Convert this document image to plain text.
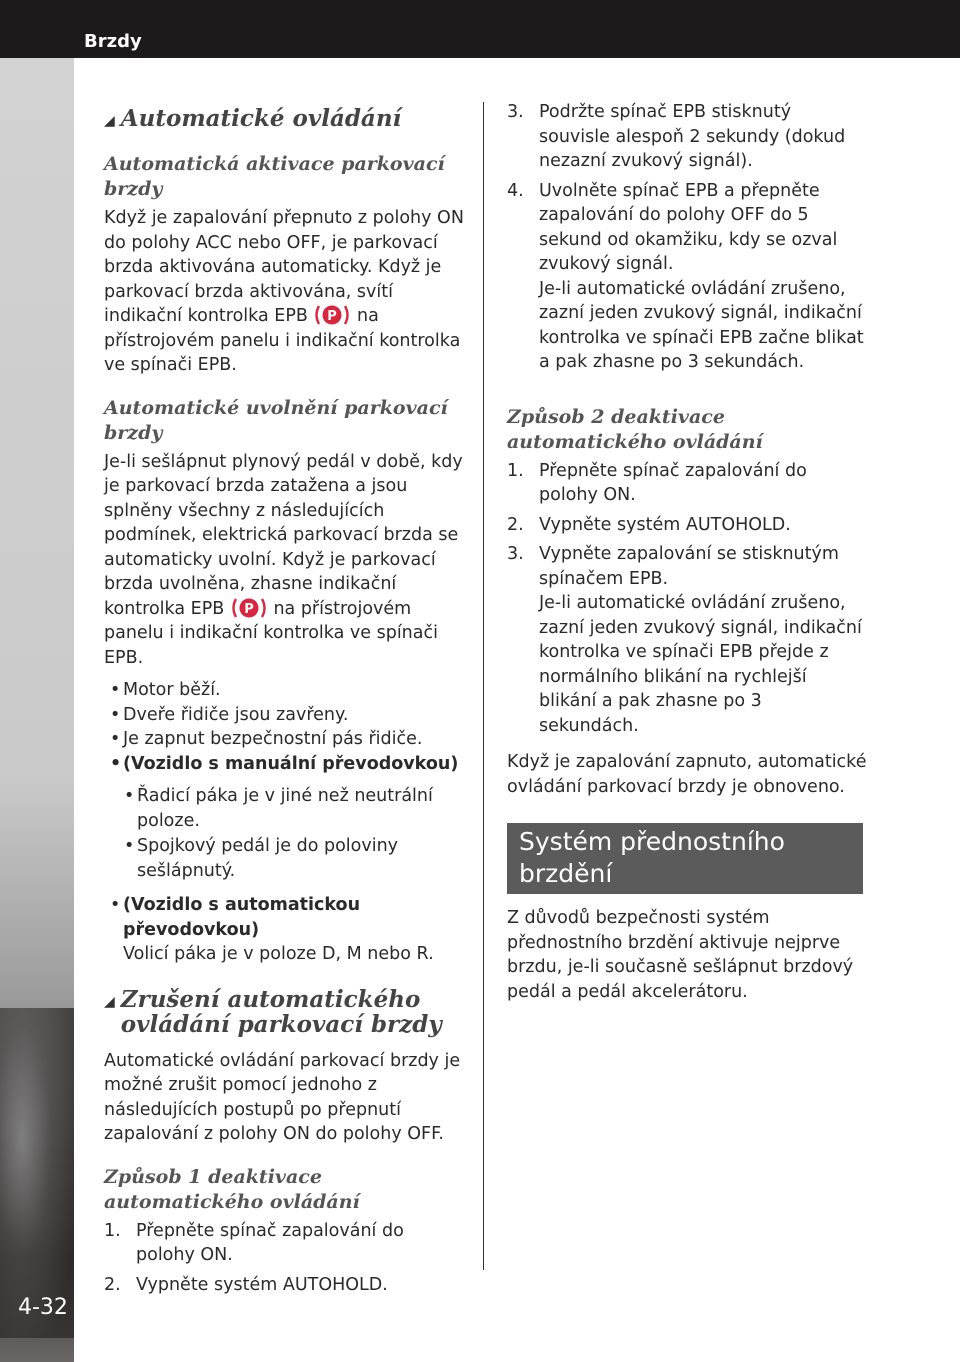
Brzdy
4-32
◢ Automatické ovládání
Automatická aktivace parkovací brzdy

Když je zapalování přepnuto z polohy ON do polohy ACC nebo OFF, je parkovací brzda aktivována automaticky. Když je parkovací brzda aktivována, svítí indikační kontrolka EPB P na přístrojovém panelu i indikační kontrolka ve spínači EPB.

Automatické uvolnění parkovací brzdy

Je-li sešlápnut plynový pedál v době, kdy je parkovací brzda zatažena a jsou splněny všechny z následujících podmínek, elektrická parkovací brzda se automaticky uvolní. Když je parkovací brzda uvolněna, zhasne indikační kontrolka EPB P na přístrojovém panelu i indikační kontrolka ve spínači EPB.

• Motor běží.
• Dveře řidiče jsou zavřeny.
• Je zapnut bezpečnostní pás řidiče.
• (Vozidlo s manuální převodovkou)
• Řadicí páka je v jiné než neutrální poloze.
• Spojkový pedál je do poloviny sešlápnutý.
• (Vozidlo s automatickou převodovkou)
Volicí páka je v poloze D, M nebo R.
◢ Zrušení automatického ovládání parkovací brzdy

Automatické ovládání parkovací brzdy je možné zrušit pomocí jednoho z následujících postupů po přepnutí zapalování z polohy ON do polohy OFF.

Způsob 1 deaktivace automatického ovládání
1. Přepněte spínač zapalování do polohy ON.
2. Vypněte systém AUTOHOLD.
3. Podržte spínač EPB stisknutý souvisle alespoň 2 sekundy (dokud nezazní zvukový signál).
4. Uvolněte spínač EPB a přepněte zapalování do polohy OFF do 5 sekund od okamžiku, kdy se ozval zvukový signál.
Je-li automatické ovládání zrušeno, zazní jeden zvukový signál, indikační kontrolka ve spínači EPB začne blikat a pak zhasne po 3 sekundách.
Způsob 2 deaktivace automatického ovládání
1. Přepněte spínač zapalování do polohy ON.
2. Vypněte systém AUTOHOLD.
3. Vypněte zapalování se stisknutým spínačem EPB.
Je-li automatické ovládání zrušeno, zazní jeden zvukový signál, indikační kontrolka ve spínači EPB přejde z normálního blikání na rychlejší blikání a pak zhasne po 3 sekundách.

Když je zapalování zapnuto, automatické ovládání parkovací brzdy je obnoveno.

Systém přednostního brzdění

Z důvodů bezpečnosti systém přednostního brzdění aktivuje nejprve brzdu, je-li současně sešlápnut brzdový pedál a pedál akcelerátoru.
